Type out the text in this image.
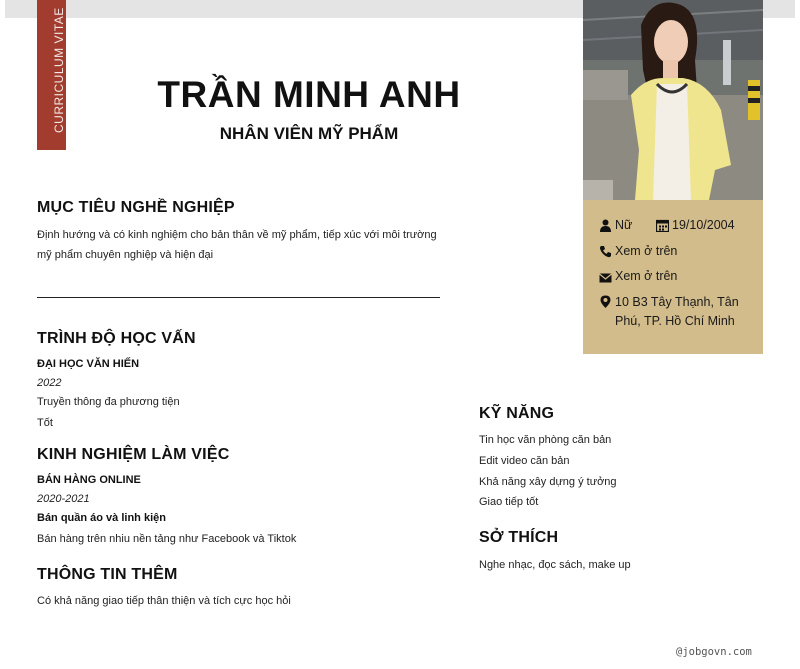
CURRICULUM VITAE	TRẦN MINH ANH
NHÂN VIÊN MỸ PHẨM
Nữ	19/10/2004
Xem ở trên
Xem ở trên
10 B3 Tây Thạnh, Tân
Phú, TP. Hồ Chí Minh
MỤC TIÊU NGHỀ NGHIỆP
Định hướng và có kinh nghiệm cho bản thân về mỹ phẩm, tiếp xúc với môi trường
mỹ phẩm chuyên nghiệp và hiện đại
TRÌNH ĐỘ HỌC VẤN
ĐẠI HỌC VĂN HIẾN
2022
Truyền thông đa phương tiện
Tốt
KINH NGHIỆM LÀM VIỆC
BÁN HÀNG ONLINE
2020-2021
Bán quần áo và linh kiện
Bán hàng trên nhiu nền tảng như Facebook và Tiktok
THÔNG TIN THÊM
Có khả năng giao tiếp thân thiện và tích cực học hỏi
KỸ NĂNG
Tin học văn phòng căn bản
Edit video căn bản
Khả năng xây dựng ý tưởng
Giao tiếp tốt
SỞ THÍCH
Nghe nhạc, đọc sách, make up
@jobgovn.com
